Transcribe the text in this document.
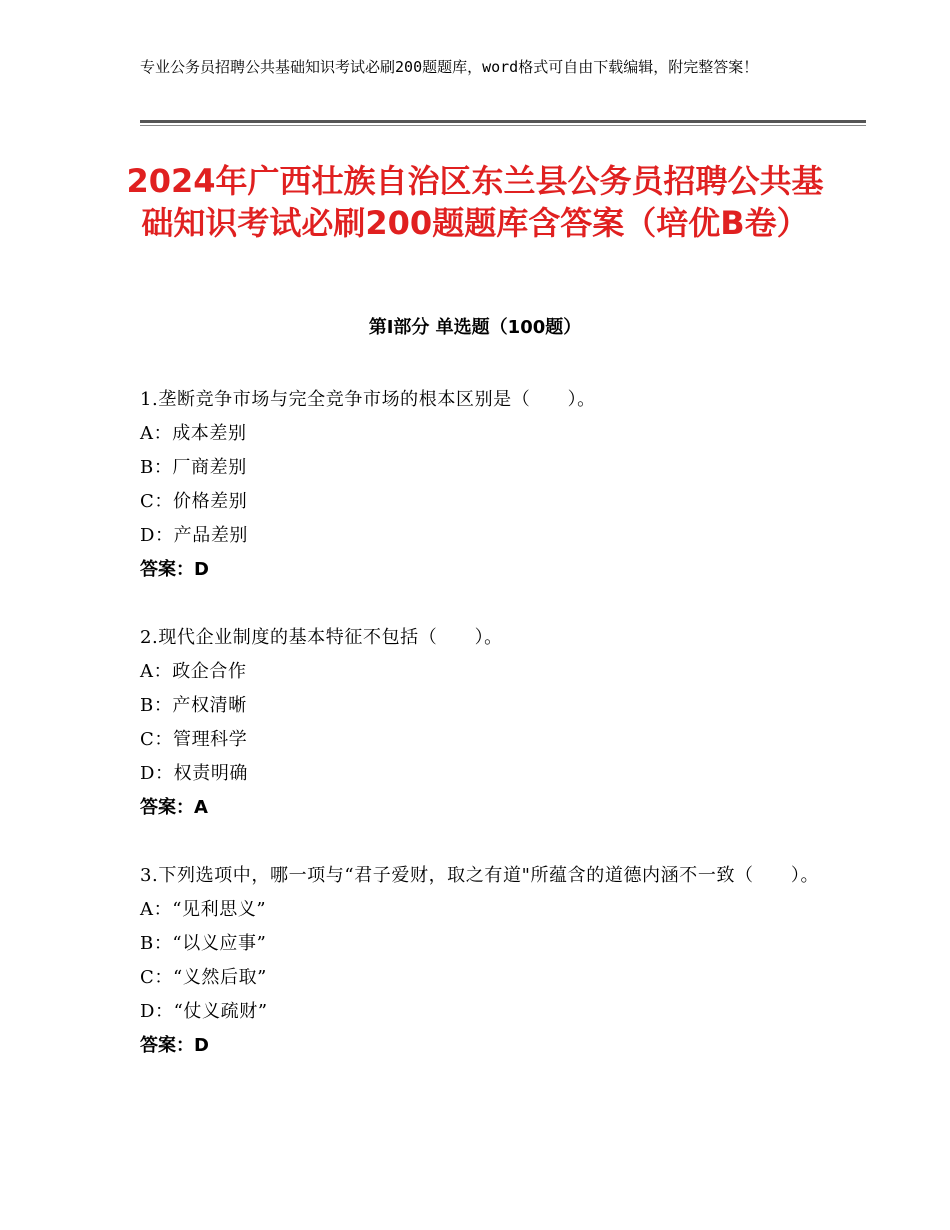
专业公务员招聘公共基础知识考试必刷200题题库，word格式可自由下载编辑，附完整答案！
2024年广西壮族自治区东兰县公务员招聘公共基础知识考试必刷200题题库含答案（培优B卷）
第Ⅰ部分 单选题（100题）
1.垄断竞争市场与完全竞争市场的根本区别是（　　）。
A：成本差别
B：厂商差别
C：价格差别
D：产品差别
答案：D
2.现代企业制度的基本特征不包括（　　）。
A：政企合作
B：产权清晰
C：管理科学
D：权责明确
答案：A
3.下列选项中，哪一项与“君子爱财，取之有道"所蕴含的道德内涵不一致（　　）。
A：“见利思义”
B：“以义应事”
C：“义然后取”
D：“仗义疏财”
答案：D
